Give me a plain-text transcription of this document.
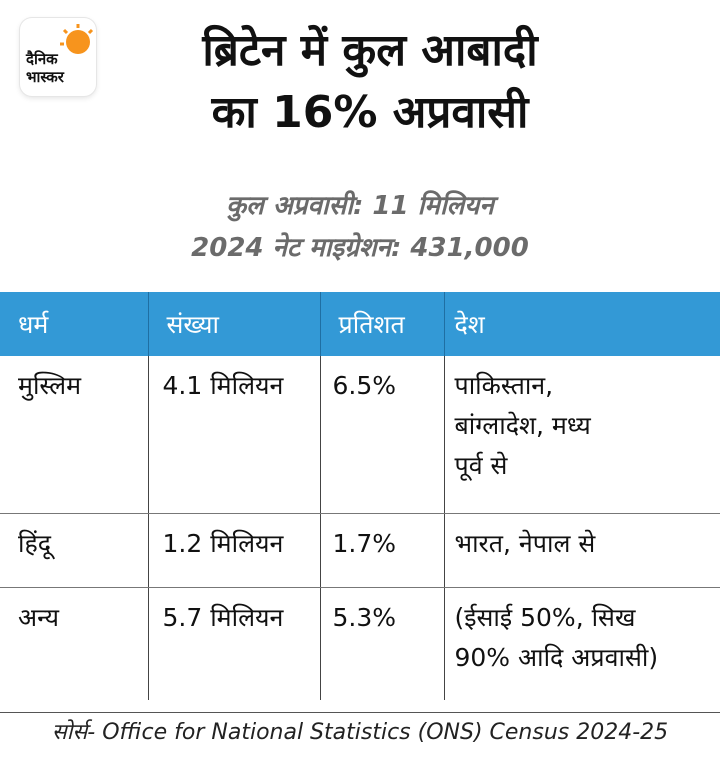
दैनिक
भास्कर
ब्रिटेन में कुल आबादी
का 16% अप्रवासी

कुल अप्रवासी: 11 मिलियन

2024 नेट माइग्रेशन: 431,000

धर्म	संख्या	प्रतिशत	देश
मुस्लिम	4.1 मिलियन	6.5%	पाकिस्तान,
बांग्लादेश, मध्य
पूर्व से
हिंदू	1.2 मिलियन	1.7%	भारत, नेपाल से
अन्य	5.7 मिलियन	5.3%	(ईसाई 50%, सिख
90% आदि अप्रवासी)
सोर्स- Office for National Statistics (ONS) Census 2024-25
